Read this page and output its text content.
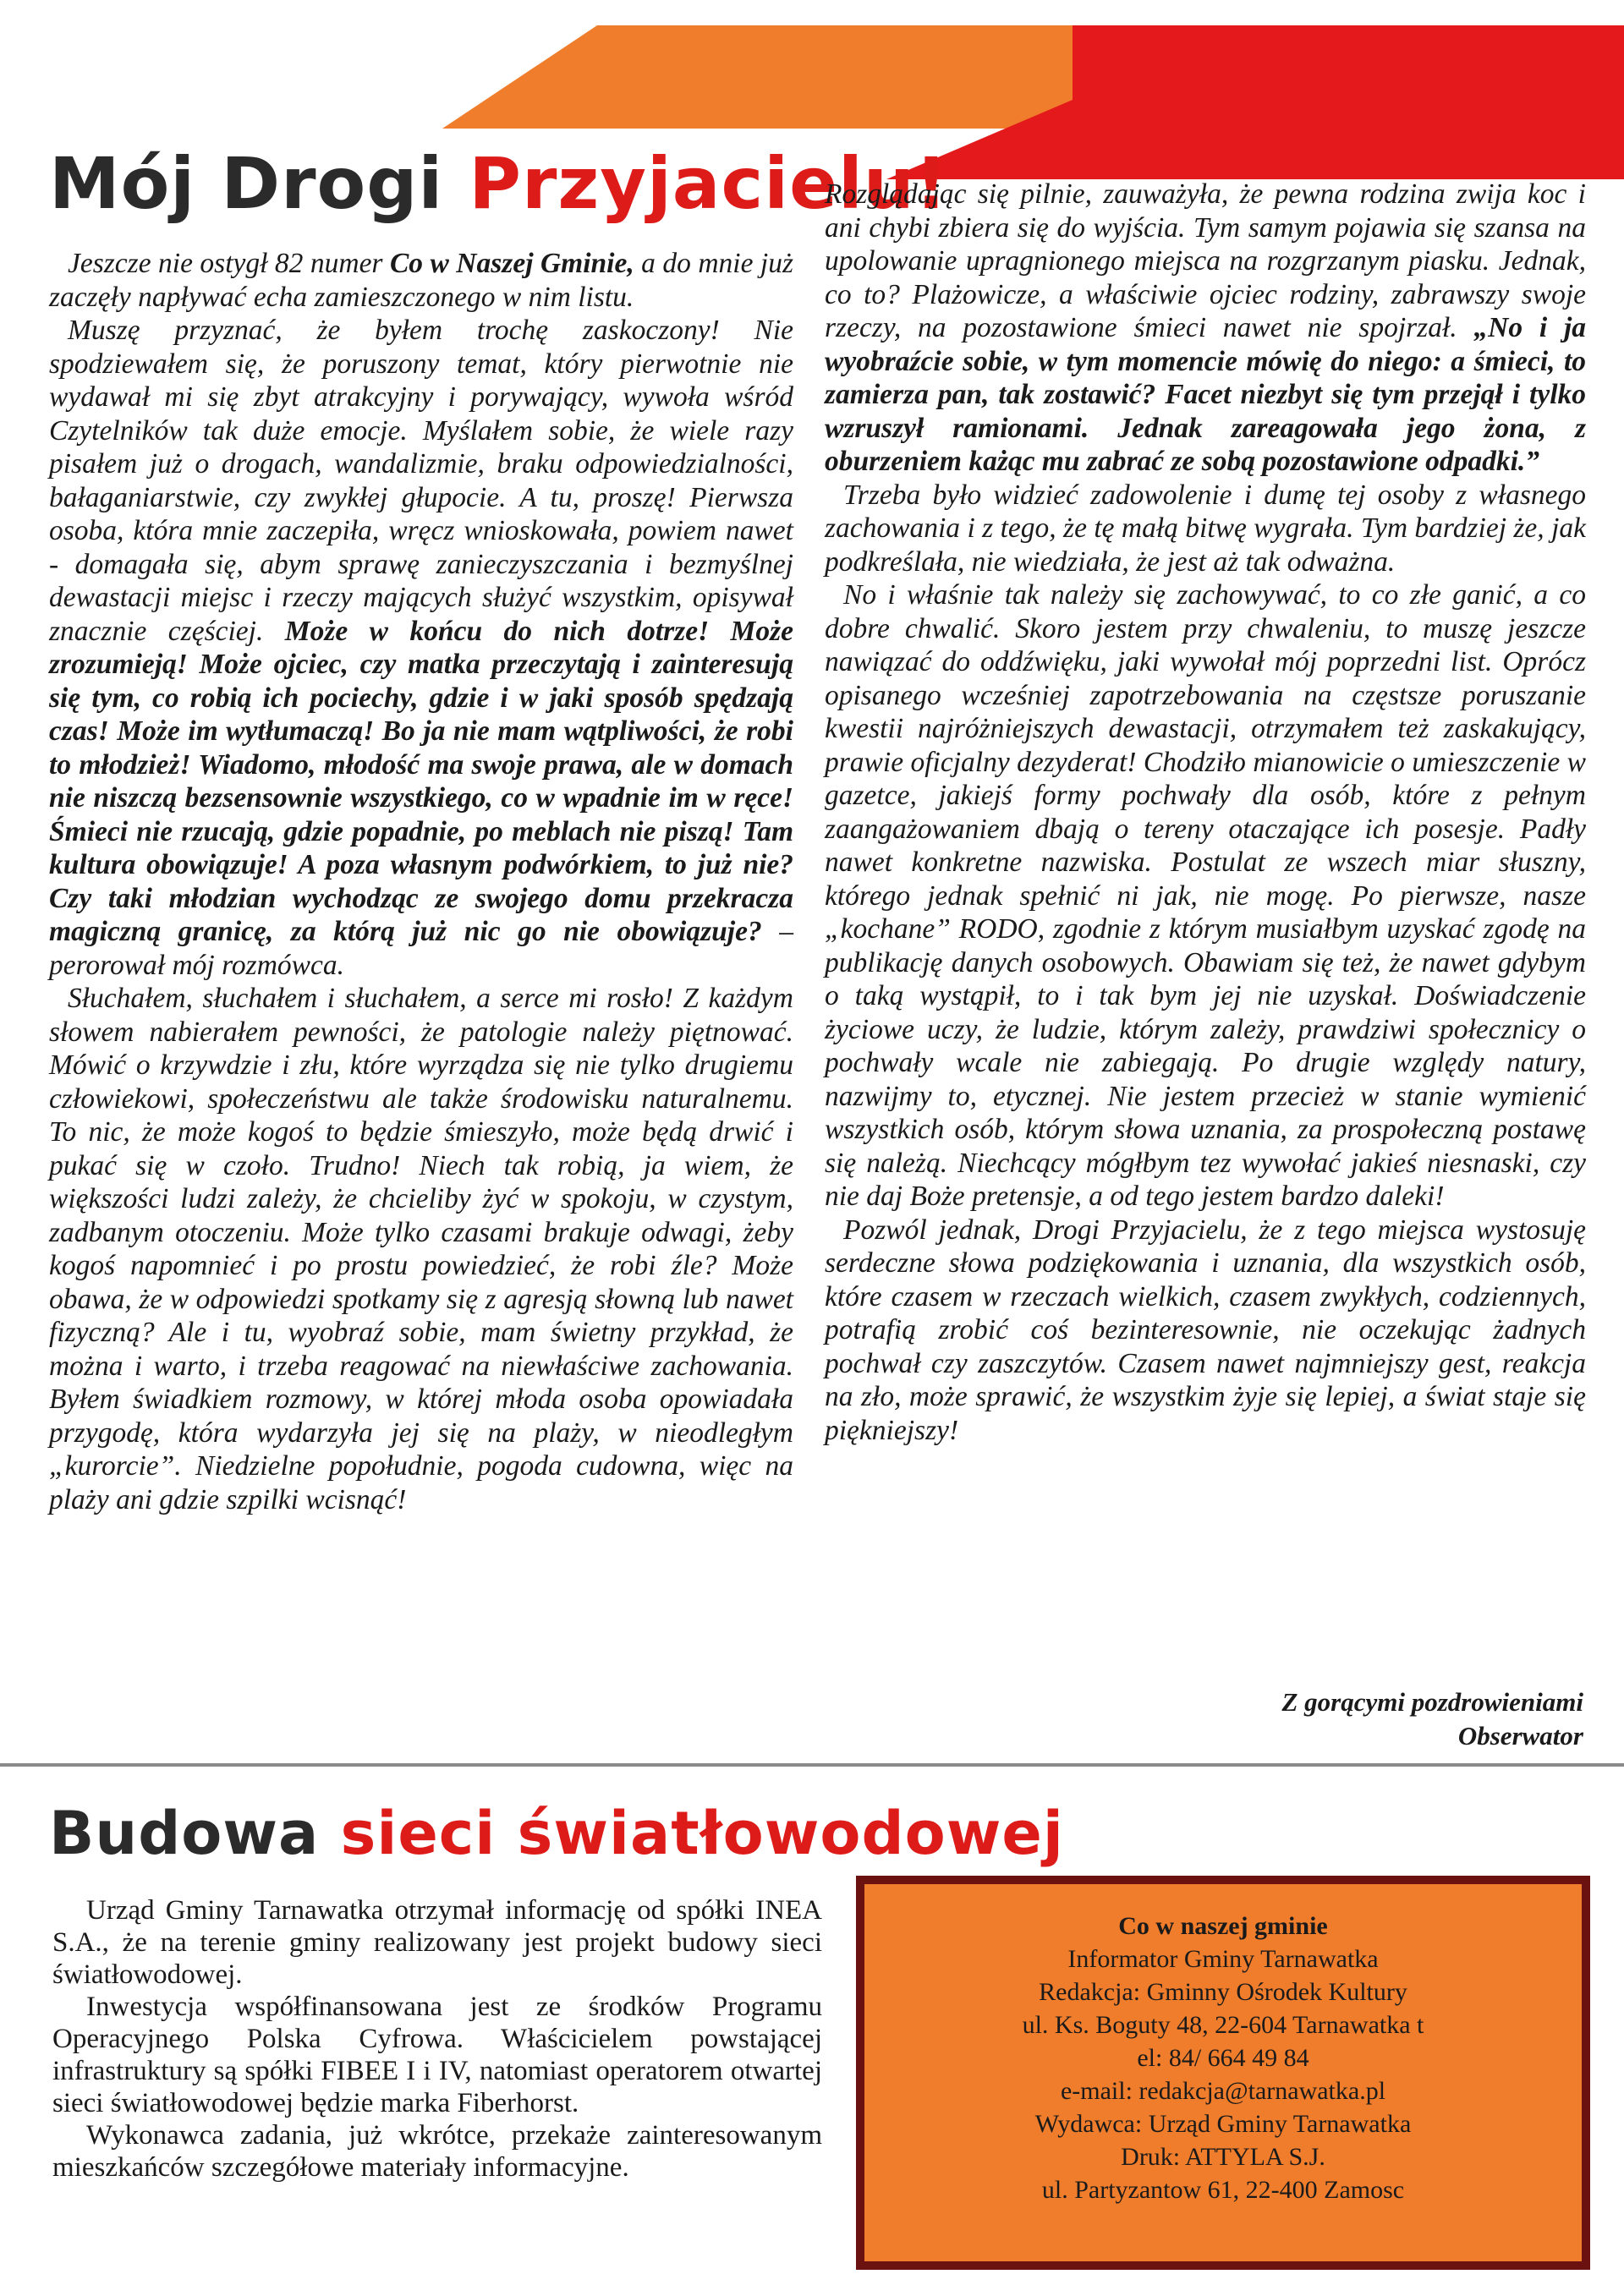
Mój Drogi Przyjacielu!

Jeszcze nie ostygł 82 numer Co w Naszej Gminie, a do mnie już zaczęły napływać echa zamieszczonego w nim listu.

Muszę przyznać, że byłem trochę zaskoczony! Nie spodziewałem się, że poruszony temat, który pierwotnie nie wydawał mi się zbyt atrakcyjny i porywający, wywoła wśród Czytelników tak duże emocje. Myślałem sobie, że wiele razy pisałem już o drogach, wandalizmie, braku odpowiedzialności, bałaganiarstwie, czy zwykłej głupocie. A tu, proszę! Pierwsza osoba, która mnie zaczepiła, wręcz wnioskowała, powiem nawet - domagała się, abym sprawę zanieczyszczania i bezmyślnej dewastacji miejsc i rzeczy mających służyć wszystkim, opisywał znacznie częściej. Może w końcu do nich dotrze! Może zrozumieją! Może ojciec, czy matka przeczytają i zainteresują się tym, co robią ich pociechy, gdzie i w jaki sposób spędzają czas! Może im wytłumaczą! Bo ja nie mam wątpliwości, że robi to młodzież! Wiadomo, młodość ma swoje prawa, ale w domach nie niszczą bezsensownie wszystkiego, co w wpadnie im w ręce! Śmieci nie rzucają, gdzie popadnie, po meblach nie piszą! Tam kultura obowiązuje! A poza własnym podwórkiem, to już nie? Czy taki młodzian wychodząc ze swojego domu przekracza magiczną granicę, za którą już nic go nie obowiązuje? – perorował mój rozmówca.

Słuchałem, słuchałem i słuchałem, a serce mi rosło! Z każdym słowem nabierałem pewności, że patologie należy piętnować. Mówić o krzywdzie i złu, które wyrządza się nie tylko drugiemu człowiekowi, społeczeństwu ale także środowisku naturalnemu. To nic, że może kogoś to będzie śmieszyło, może będą drwić i pukać się w czoło. Trudno! Niech tak robią, ja wiem, że większości ludzi zależy, że chcieliby żyć w spokoju, w czystym, zadbanym otoczeniu. Może tylko czasami brakuje odwagi, żeby kogoś napomnieć i po prostu powiedzieć, że robi źle? Może obawa, że w odpowiedzi spotkamy się z agresją słowną lub nawet fizyczną? Ale i tu, wyobraź sobie, mam świetny przykład, że można i warto, i trzeba reagować na niewłaściwe zachowania. Byłem świadkiem rozmowy, w której młoda osoba opowiadała przygodę, która wydarzyła jej się na plaży, w nieodległym „kurorcie”. Niedzielne popołudnie, pogoda cudowna, więc na plaży ani gdzie szpilki wcisnąć!

Rozglądając się pilnie, zauważyła, że pewna rodzina zwija koc i ani chybi zbiera się do wyjścia. Tym samym pojawia się szansa na upolowanie upragnionego miejsca na rozgrzanym piasku. Jednak, co to? Plażowicze, a właściwie ojciec rodziny, zabrawszy swoje rzeczy, na pozostawione śmieci nawet nie spojrzał. „No i ja wyobraźcie sobie, w tym momencie mówię do niego: a śmieci, to zamierza pan, tak zostawić? Facet niezbyt się tym przejął i tylko wzruszył ramionami. Jednak zareagowała jego żona, z oburzeniem każąc mu zabrać ze sobą pozostawione odpadki.”

Trzeba było widzieć zadowolenie i dumę tej osoby z własnego zachowania i z tego, że tę małą bitwę wygrała. Tym bardziej że, jak podkreślała, nie wiedziała, że jest aż tak odważna.

No i właśnie tak należy się zachowywać, to co złe ganić, a co dobre chwalić. Skoro jestem przy chwaleniu, to muszę jeszcze nawiązać do oddźwięku, jaki wywołał mój poprzedni list. Oprócz opisanego wcześniej zapotrzebowania na częstsze poruszanie kwestii najróżniejszych dewastacji, otrzymałem też zaskakujący, prawie oficjalny dezyderat! Chodziło mianowicie o umieszczenie w gazetce, jakiejś formy pochwały dla osób, które z pełnym zaangażowaniem dbają o tereny otaczające ich posesje. Padły nawet konkretne nazwiska. Postulat ze wszech miar słuszny, którego jednak spełnić ni jak, nie mogę. Po pierwsze, nasze „kochane” RODO, zgodnie z którym musiałbym uzyskać zgodę na publikację danych osobowych. Obawiam się też, że nawet gdybym o taką wystąpił, to i tak bym jej nie uzyskał. Doświadczenie życiowe uczy, że ludzie, którym zależy, prawdziwi społecznicy o pochwały wcale nie zabiegają. Po drugie względy natury, nazwijmy to, etycznej. Nie jestem przecież w stanie wymienić wszystkich osób, którym słowa uznania, za prospołeczną postawę się należą. Niechcący mógłbym tez wywołać jakieś niesnaski, czy nie daj Boże pretensje, a od tego jestem bardzo daleki!

Pozwól jednak, Drogi Przyjacielu, że z tego miejsca wystosuję serdeczne słowa podziękowania i uznania, dla wszystkich osób, które czasem w rzeczach wielkich, czasem zwykłych, codziennych, potrafią zrobić coś bezinteresownie, nie oczekując żadnych pochwał czy zaszczytów. Czasem nawet najmniejszy gest, reakcja na zło, może sprawić, że wszystkim żyje się lepiej, a świat staje się piękniejszy!

Z gorącymi pozdrowieniami
Obserwator
Budowa sieci światłowodowej

Urząd Gminy Tarnawatka otrzymał informację od spółki INEA S.A., że na terenie gminy realizowany jest projekt budowy sieci światłowodowej.

Inwestycja współfinansowana jest ze środków Programu Operacyjnego Polska Cyfrowa. Właścicielem powstającej infrastruktury są spółki FIBEE I i IV, natomiast operatorem otwartej sieci światłowodowej będzie marka Fiberhorst.

Wykonawca zadania, już wkrótce, przekaże zainteresowanym mieszkańców szczegółowe materiały informacyjne.

Co w naszej gminie
Informator Gminy Tarnawatka
Redakcja: Gminny Ośrodek Kultury
ul. Ks. Boguty 48, 22-604 Tarnawatka t
el: 84/ 664 49 84
e-mail: redakcja@tarnawatka.pl
Wydawca: Urząd Gminy Tarnawatka
Druk: ATTYLA S.J.
ul. Partyzantow 61, 22-400 Zamosc
